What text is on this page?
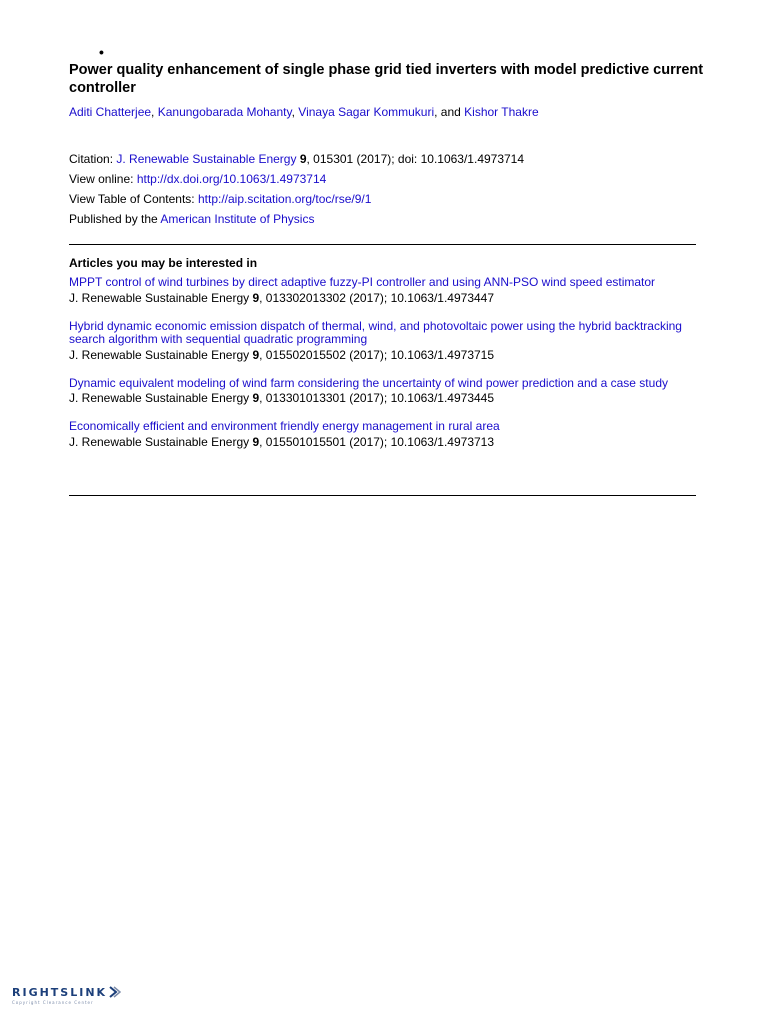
•
Power quality enhancement of single phase grid tied inverters with model predictive current controller
Aditi Chatterjee, Kanungobarada Mohanty, Vinaya Sagar Kommukuri, and Kishor Thakre
Citation: J. Renewable Sustainable Energy 9, 015301 (2017); doi: 10.1063/1.4973714
View online: http://dx.doi.org/10.1063/1.4973714
View Table of Contents: http://aip.scitation.org/toc/rse/9/1
Published by the American Institute of Physics
Articles you may be interested in
MPPT control of wind turbines by direct adaptive fuzzy-PI controller and using ANN-PSO wind speed estimator
J. Renewable Sustainable Energy 9, 013302013302 (2017); 10.1063/1.4973447
Hybrid dynamic economic emission dispatch of thermal, wind, and photovoltaic power using the hybrid backtracking search algorithm with sequential quadratic programming
J. Renewable Sustainable Energy 9, 015502015502 (2017); 10.1063/1.4973715
Dynamic equivalent modeling of wind farm considering the uncertainty of wind power prediction and a case study
J. Renewable Sustainable Energy 9, 013301013301 (2017); 10.1063/1.4973445
Economically efficient and environment friendly energy management in rural area
J. Renewable Sustainable Energy 9, 015501015501 (2017); 10.1063/1.4973713
RIGHTSLINK
Copyright Clearance Center
